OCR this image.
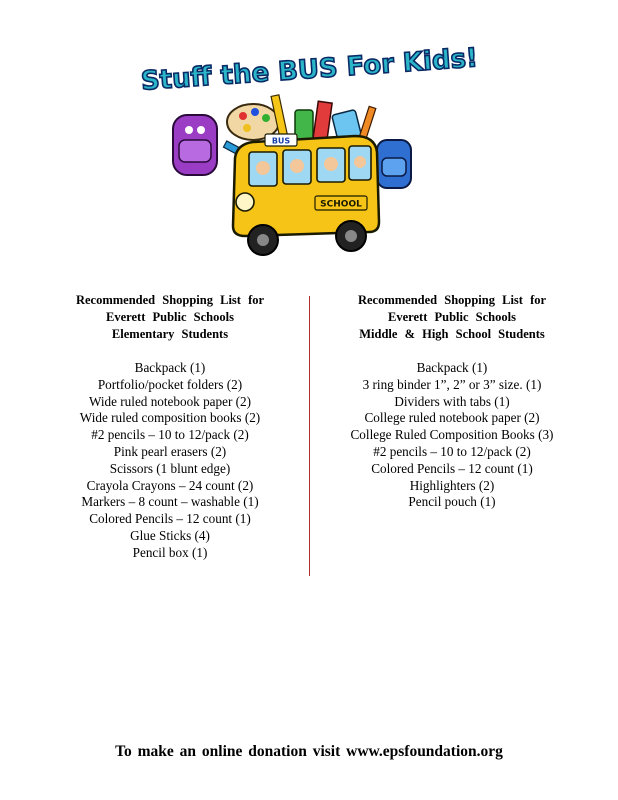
Stuff the BUS For Kids!
BUS
SCHOOL
Recommended Shopping List for
Everett Public Schools
Elementary Students
Backpack (1)
Portfolio/pocket folders (2)
Wide ruled notebook paper (2)
Wide ruled composition books (2)
#2 pencils – 10 to 12/pack (2)
Pink pearl erasers (2)
Scissors (1 blunt edge)
Crayola Crayons – 24 count (2)
Markers – 8 count – washable (1)
Colored Pencils – 12 count (1)
Glue Sticks (4)
Pencil box (1)
Recommended Shopping List for
Everett Public Schools
Middle & High School Students
Backpack (1)
3 ring binder 1”, 2” or 3” size. (1)
Dividers with tabs (1)
College ruled notebook paper (2)
College Ruled Composition Books (3)
#2 pencils – 10 to 12/pack (2)
Colored Pencils – 12 count (1)
Highlighters (2)
Pencil pouch (1)
To make an online donation visit www.epsfoundation.org
